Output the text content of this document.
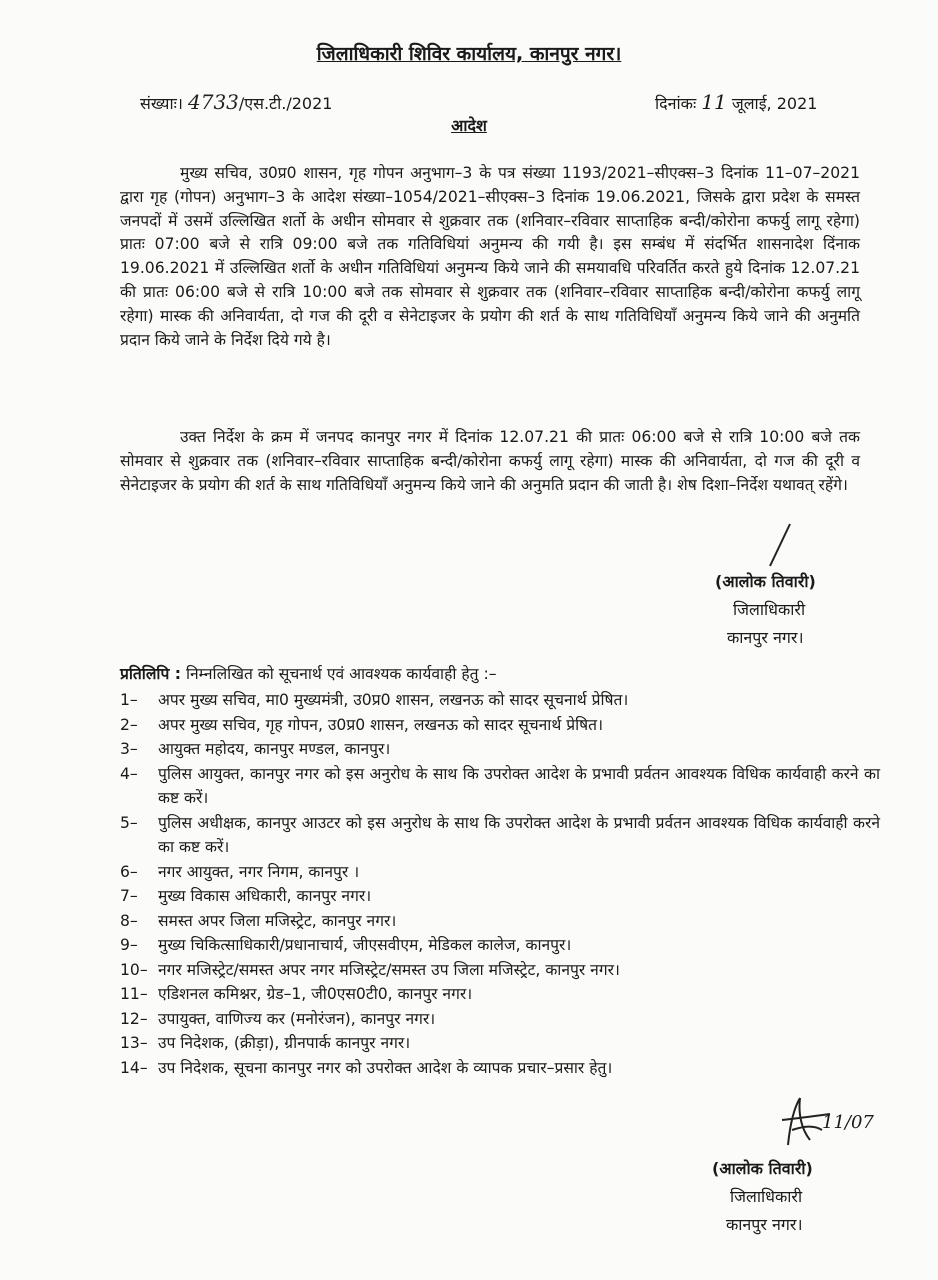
जिलाधिकारी शिविर कार्यालय, कानपुर नगर।
संख्याः। 4733/एस.टी./2021	दिनांकः 11 जूलाई, 2021
आदेश
मुख्य सचिव, उ0प्र0 शासन, गृह गोपन अनुभाग–3 के पत्र संख्या 1193/2021–सीएक्स–3 दिनांक 11–07–2021 द्वारा गृह (गोपन) अनुभाग–3 के आदेश संख्या–1054/2021–सीएक्स–3 दिनांक 19.06.2021, जिसके द्वारा प्रदेश के समस्त जनपदों में उसमें उल्लिखित शर्तो के अधीन सोमवार से शुक्रवार तक (शनिवार–रविवार साप्ताहिक बन्दी/कोरोना कफर्यु लागू रहेगा) प्रातः 07:00 बजे से रात्रि 09:00 बजे तक गतिविधियां अनुमन्य की गयी है। इस सम्बंध में संदर्भित शासनादेश दिंनाक 19.06.2021 में उल्लिखित शर्तो के अधीन गतिविधियां अनुमन्य किये जाने की समयावधि परिवर्तित करते हुये दिनांक 12.07.21 की प्रातः 06:00 बजे से रात्रि 10:00 बजे तक सोमवार से शुक्रवार तक (शनिवार–रविवार साप्ताहिक बन्दी/कोरोना कफर्यु लागू रहेगा) मास्क की अनिवार्यता, दो गज की दूरी व सेनेटाइजर के प्रयोग की शर्त के साथ गतिविधियॉं अनुमन्य किये जाने की अनुमति प्रदान किये जाने के निर्देश दिये गये है।
उक्त निर्देश के क्रम में जनपद कानपुर नगर में दिनांक 12.07.21 की प्रातः 06:00 बजे से रात्रि 10:00 बजे तक सोमवार से शुक्रवार तक (शनिवार–रविवार साप्ताहिक बन्दी/कोरोना कफर्यु लागू रहेगा) मास्क की अनिवार्यता, दो गज की दूरी व सेनेटाइजर के प्रयोग की शर्त के साथ गतिविधियॉं अनुमन्य किये जाने की अनुमति प्रदान की जाती है। शेष दिशा–निर्देश यथावत् रहेंगे।
(आलोक तिवारी)
जिलाधिकारी
कानपुर नगर।
प्रतिलिपि : निम्नलिखित को सूचनार्थ एवं आवश्यक कार्यवाही हेतु :–
1–	अपर मुख्य सचिव, मा0 मुख्यमंत्री, उ0प्र0 शासन, लखनऊ को सादर सूचनार्थ प्रेषित।
2–	अपर मुख्य सचिव, गृह गोपन, उ0प्र0 शासन, लखनऊ को सादर सूचनार्थ प्रेषित।
3–	आयुक्त महोदय, कानपुर मण्डल, कानपुर।
4–	पुलिस आयुक्त, कानपुर नगर को इस अनुरोध के साथ कि उपरोक्त आदेश के प्रभावी प्रर्वतन आवश्यक विधिक कार्यवाही करने का कष्ट करें।
5–	पुलिस अधीक्षक, कानपुर आउटर को इस अनुरोध के साथ कि उपरोक्त आदेश के प्रभावी प्रर्वतन आवश्यक विधिक कार्यवाही करने का कष्ट करें।
6–	नगर आयुक्त, नगर निगम, कानपुर ।
7–	मुख्य विकास अधिकारी, कानपुर नगर।
8–	समस्त अपर जिला मजिस्ट्रेट, कानपुर नगर।
9–	मुख्य चिकित्साधिकारी/प्रधानाचार्य, जीएसवीएम, मेडिकल कालेज, कानपुर।
10– नगर मजिस्ट्रेट/समस्त अपर नगर मजिस्ट्रेट/समस्त उप जिला मजिस्ट्रेट, कानपुर नगर।
11– एडिशनल कमिश्नर, ग्रेड–1, जी0एस0टी0, कानपुर नगर।
12– उपायुक्त, वाणिज्य कर (मनोरंजन), कानपुर नगर।
13– उप निदेशक, (क्रीड़ा), ग्रीनपार्क कानपुर नगर।
14– उप निदेशक, सूचना कानपुर नगर को उपरोक्त आदेश के व्यापक प्रचार–प्रसार हेतु।
11/07
(आलोक तिवारी)
जिलाधिकारी
कानपुर नगर।
